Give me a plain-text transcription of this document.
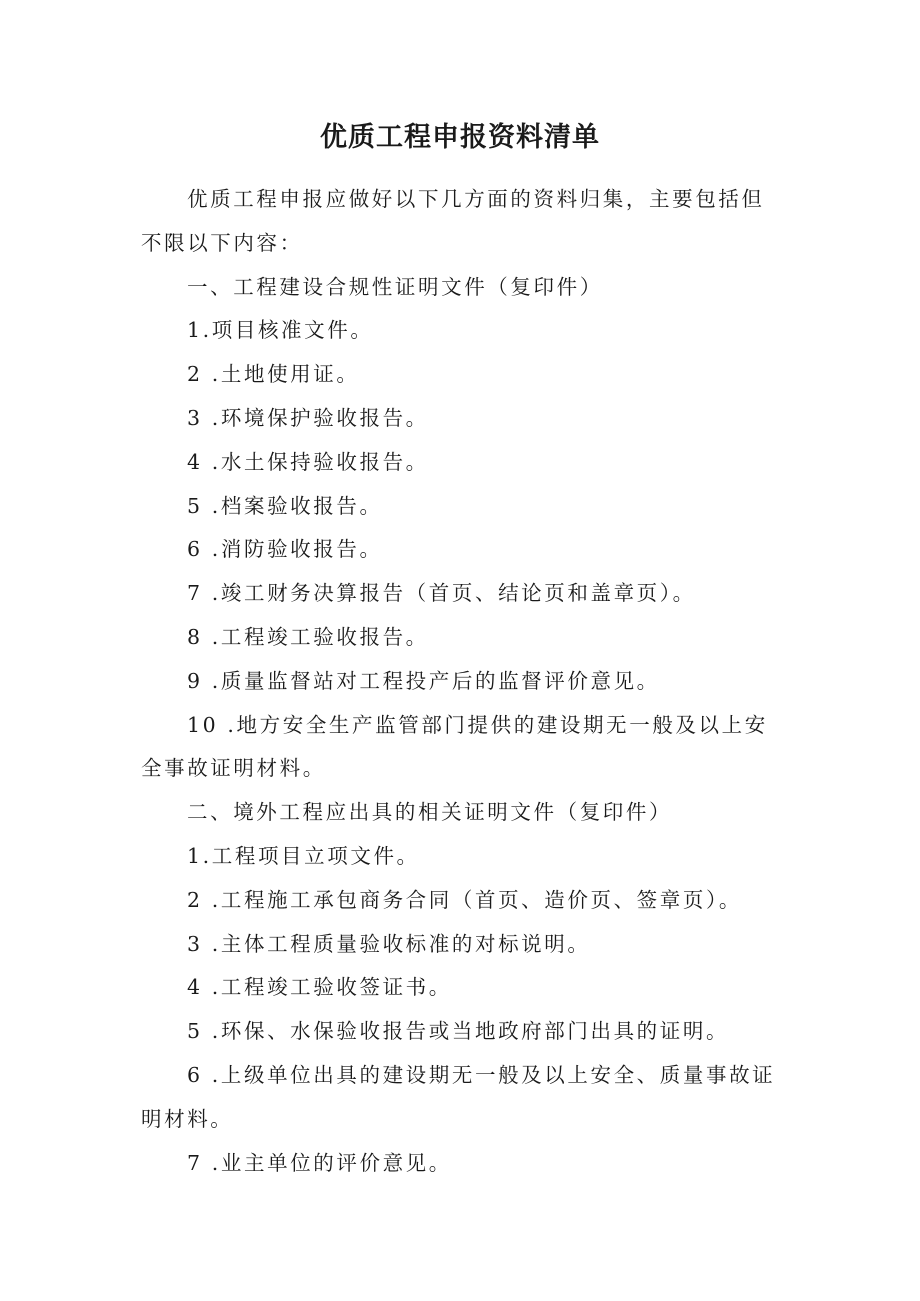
优质工程申报资料清单

优质工程申报应做好以下几方面的资料归集，主要包括但不限以下内容：

一、工程建设合规性证明文件（复印件）

1.项目核准文件。

2 .土地使用证。

3 .环境保护验收报告。

4 .水土保持验收报告。

5 .档案验收报告。

6 .消防验收报告。

7 .竣工财务决算报告（首页、结论页和盖章页）。

8 .工程竣工验收报告。

9 .质量监督站对工程投产后的监督评价意见。

10 .地方安全生产监管部门提供的建设期无一般及以上安全事故证明材料。

二、境外工程应出具的相关证明文件（复印件）

1.工程项目立项文件。

2 .工程施工承包商务合同（首页、造价页、签章页）。

3 .主体工程质量验收标准的对标说明。

4 .工程竣工验收签证书。

5 .环保、水保验收报告或当地政府部门出具的证明。

6 .上级单位出具的建设期无一般及以上安全、质量事故证明材料。

7 .业主单位的评价意见。
